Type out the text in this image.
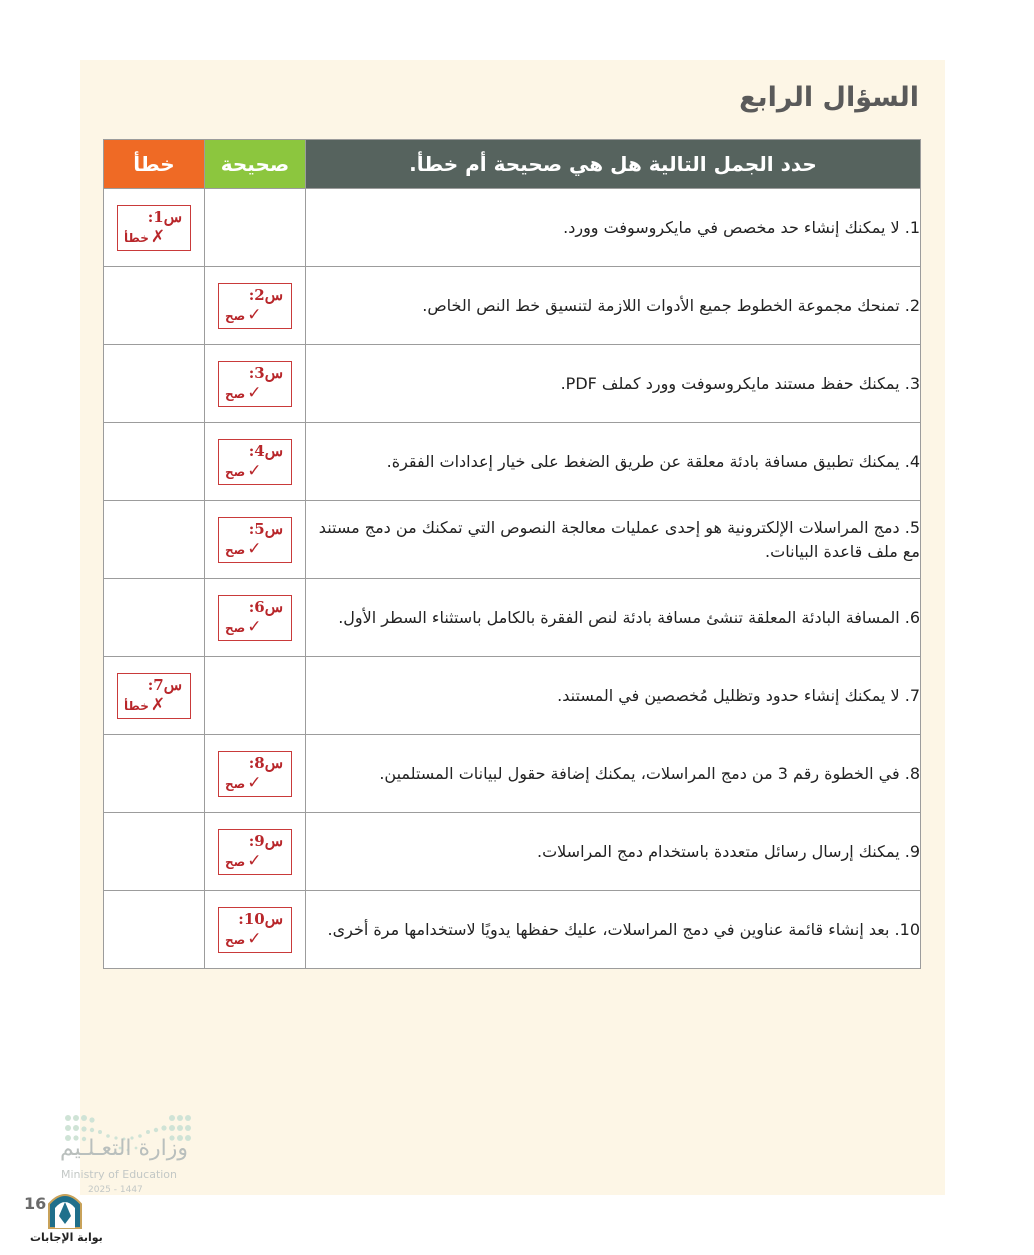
السؤال الرابع
حدد الجمل التالية هل هي صحيحة أم خطأ.	صحيحة	خطأ
1. لا يمكنك إنشاء حد مخصص في مايكروسوفت وورد.		س1:
خطأ ✗

2. تمنحك مجموعة الخطوط جميع الأدوات اللازمة لتنسيق خط النص الخاص.	س2:
صح ✓	

3. يمكنك حفظ مستند مايكروسوفت وورد كملف PDF.	س3:
صح ✓	

4. يمكنك تطبيق مسافة بادئة معلقة عن طريق الضغط على خيار إعدادات الفقرة.	س4:
صح ✓	

5. دمج المراسلات الإلكترونية هو إحدى عمليات معالجة النصوص التي تمكنك من دمج مستند مع ملف قاعدة البيانات.	س5:
صح ✓	

6. المسافة البادئة المعلقة تنشئ مسافة بادئة لنص الفقرة بالكامل باستثناء السطر الأول.	س6:
صح ✓	

7. لا يمكنك إنشاء حدود وتظليل مُخصصين في المستند.		س7:
خطأ ✗

8. في الخطوة رقم 3 من دمج المراسلات، يمكنك إضافة حقول لبيانات المستلمين.	س8:
صح ✓	

9. يمكنك إرسال رسائل متعددة باستخدام دمج المراسلات.	س9:
صح ✓	

10. بعد إنشاء قائمة عناوين في دمج المراسلات، عليك حفظها يدويًا لاستخدامها مرة أخرى.	س10:
صح ✓	

وزارة التعـلـيم
Ministry of Education
2025 - 1447
16
بوابة الإجابات
